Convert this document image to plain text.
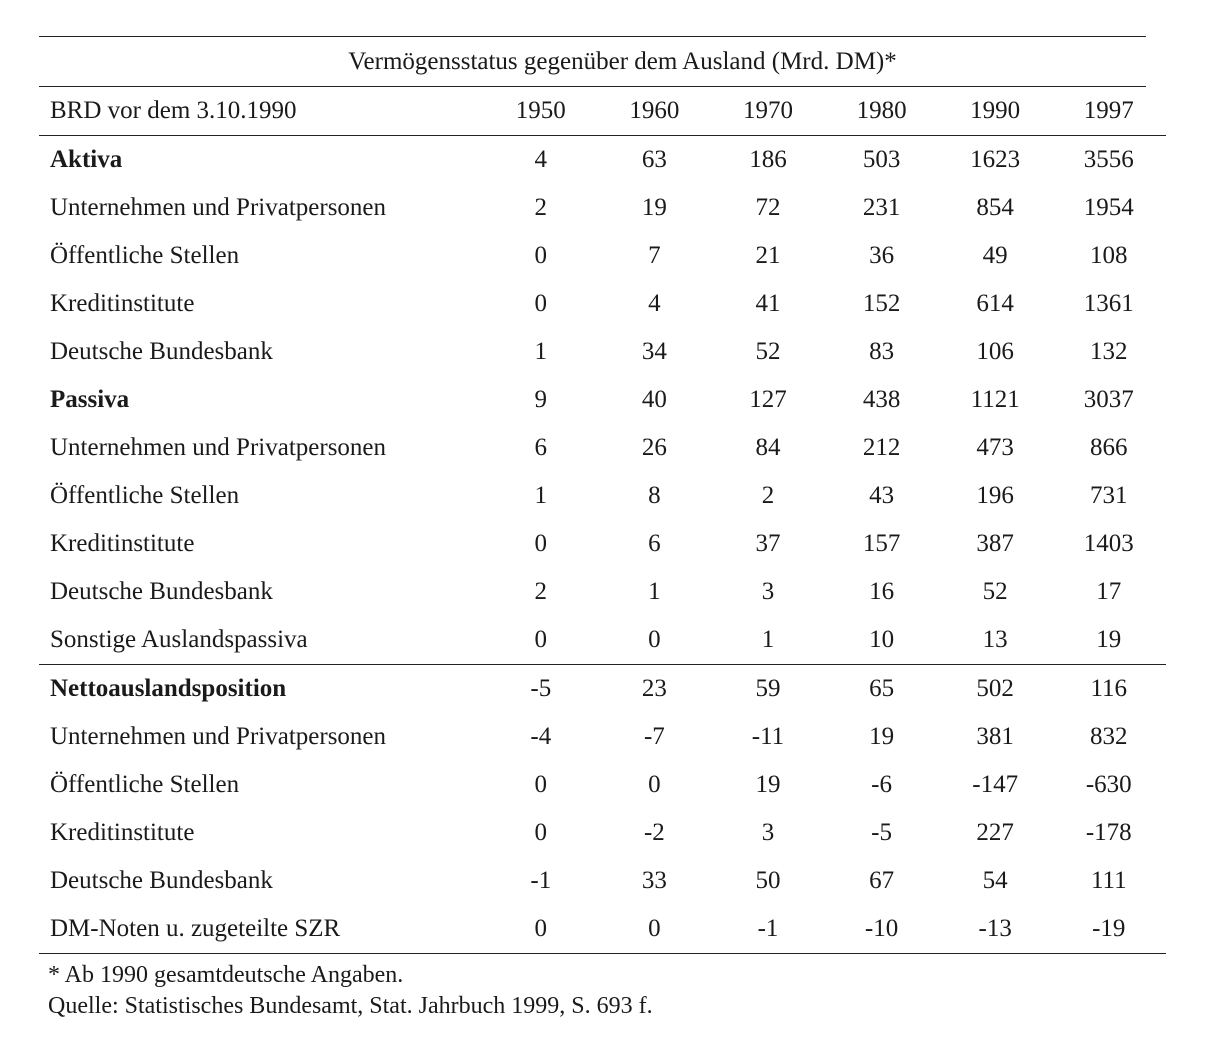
Vermögensstatus gegenüber dem Ausland (Mrd. DM)*
BRD vor dem 3.10.1990	1950	1960	1970	1980	1990	1997
Aktiva	4	63	186	503	1623	3556
Unternehmen und Privatpersonen	2	19	72	231	854	1954
Öffentliche Stellen	0	7	21	36	49	108
Kreditinstitute	0	4	41	152	614	1361
Deutsche Bundesbank	1	34	52	83	106	132
Passiva	9	40	127	438	1121	3037
Unternehmen und Privatpersonen	6	26	84	212	473	866
Öffentliche Stellen	1	8	2	43	196	731
Kreditinstitute	0	6	37	157	387	1403
Deutsche Bundesbank	2	1	3	16	52	17
Sonstige Auslandspassiva	0	0	1	10	13	19
Nettoauslandsposition	-5	23	59	65	502	116
Unternehmen und Privatpersonen	-4	-7	-11	19	381	832
Öffentliche Stellen	0	0	19	-6	-147	-630
Kreditinstitute	0	-2	3	-5	227	-178
Deutsche Bundesbank	-1	33	50	67	54	111
DM-Noten u. zugeteilte SZR	0	0	-1	-10	-13	-19
* Ab 1990 gesamtdeutsche Angaben.
Quelle: Statistisches Bundesamt, Stat. Jahrbuch 1999, S. 693 f.
